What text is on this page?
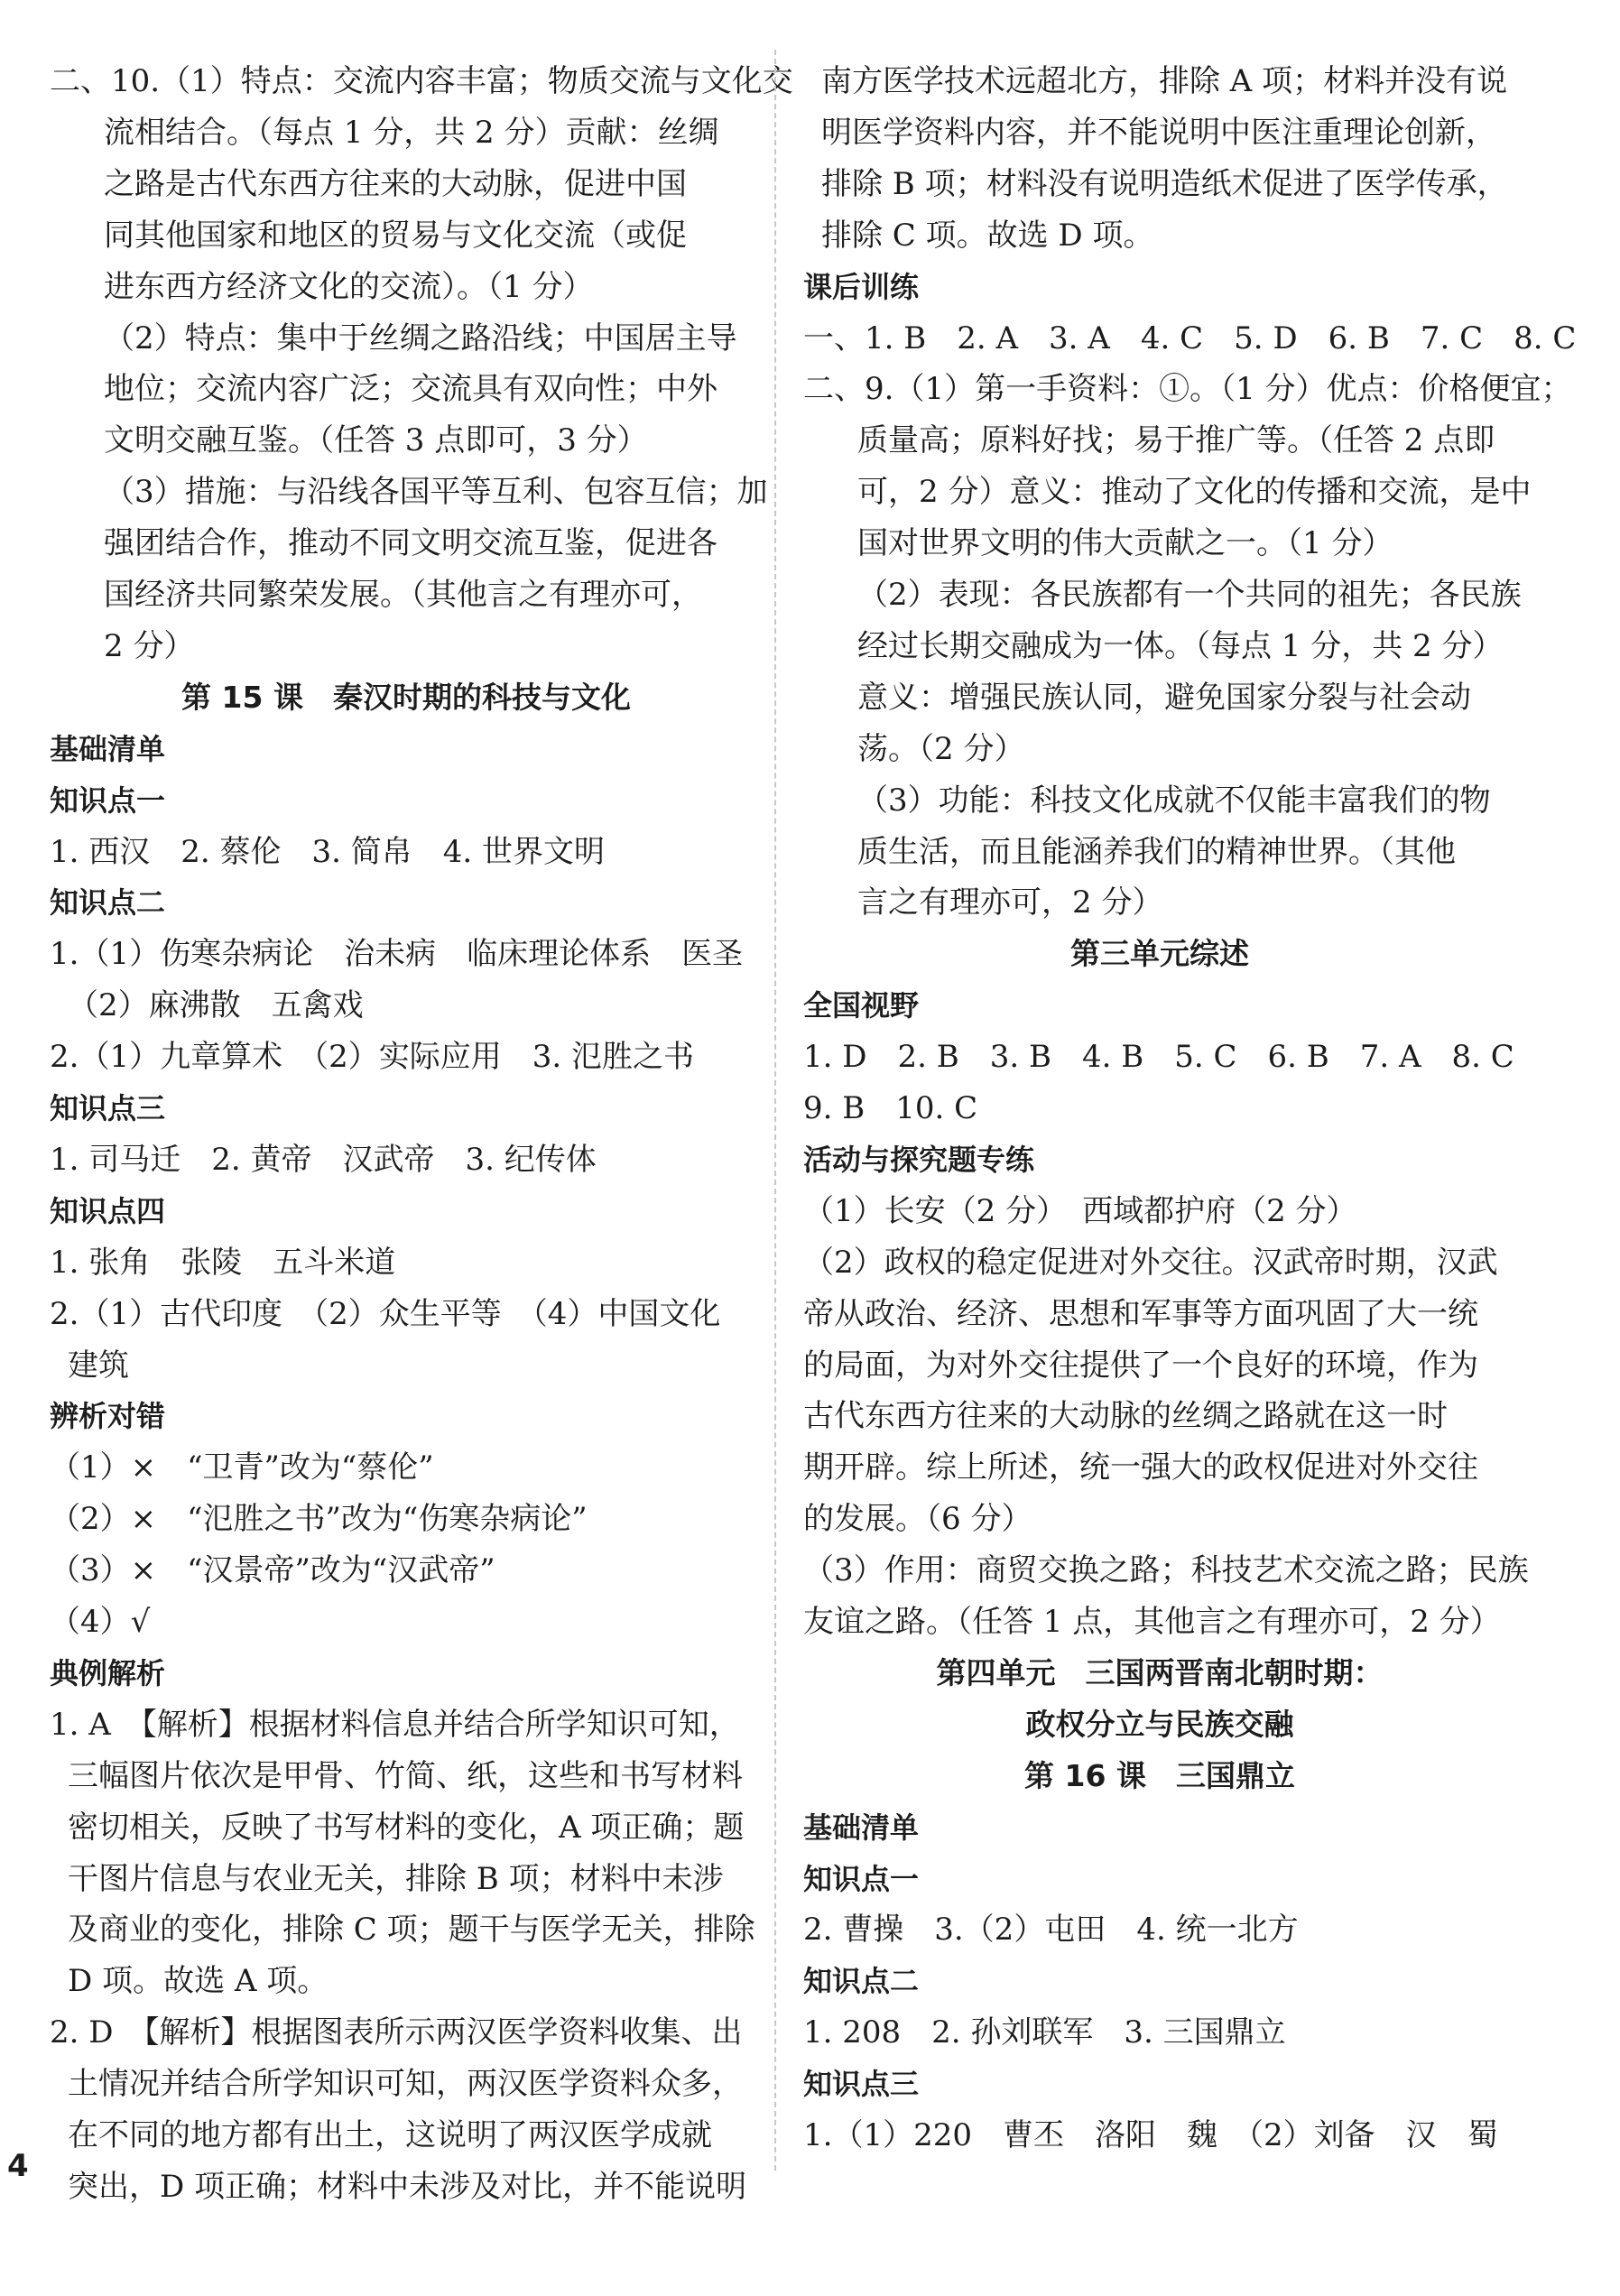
二、10.（1）特点：交流内容丰富；物质交流与文化交
流相结合。（每点 1 分，共 2 分）贡献：丝绸
之路是古代东西方往来的大动脉，促进中国
同其他国家和地区的贸易与文化交流（或促
进东西方经济文化的交流）。（1 分）
（2）特点：集中于丝绸之路沿线；中国居主导
地位；交流内容广泛；交流具有双向性；中外
文明交融互鉴。（任答 3 点即可，3 分）
（3）措施：与沿线各国平等互利、包容互信；加
强团结合作，推动不同文明交流互鉴，促进各
国经济共同繁荣发展。（其他言之有理亦可，
2 分）
第 15 课　秦汉时期的科技与文化
基础清单
知识点一
1. 西汉　2. 蔡伦　3. 简帛　4. 世界文明
知识点二
1.（1）伤寒杂病论　治未病　临床理论体系　医圣
（2）麻沸散　五禽戏
2.（1）九章算术　（2）实际应用　3. 氾胜之书
知识点三
1. 司马迁　2. 黄帝　汉武帝　3. 纪传体
知识点四
1. 张角　张陵　五斗米道
2.（1）古代印度　（2）众生平等　（4）中国文化
建筑
辨析对错
（1）×　“卫青”改为“蔡伦”
（2）×　“氾胜之书”改为“伤寒杂病论”
（3）×　“汉景帝”改为“汉武帝”
（4）√
典例解析
1. A　【解析】根据材料信息并结合所学知识可知，
三幅图片依次是甲骨、竹简、纸，这些和书写材料
密切相关，反映了书写材料的变化，A 项正确；题
干图片信息与农业无关，排除 B 项；材料中未涉
及商业的变化，排除 C 项；题干与医学无关，排除
D 项。故选 A 项。
2. D　【解析】根据图表所示两汉医学资料收集、出
土情况并结合所学知识可知，两汉医学资料众多，
在不同的地方都有出土，这说明了两汉医学成就
突出，D 项正确；材料中未涉及对比，并不能说明
南方医学技术远超北方，排除 A 项；材料并没有说
明医学资料内容，并不能说明中医注重理论创新，
排除 B 项；材料没有说明造纸术促进了医学传承，
排除 C 项。故选 D 项。
课后训练
一、1. B　2. A　3. A　4. C　5. D　6. B　7. C　8. C
二、9.（1）第一手资料：①。（1 分）优点：价格便宜；
质量高；原料好找；易于推广等。（任答 2 点即
可，2 分）意义：推动了文化的传播和交流，是中
国对世界文明的伟大贡献之一。（1 分）
（2）表现：各民族都有一个共同的祖先；各民族
经过长期交融成为一体。（每点 1 分，共 2 分）
意义：增强民族认同，避免国家分裂与社会动
荡。（2 分）
（3）功能：科技文化成就不仅能丰富我们的物
质生活，而且能涵养我们的精神世界。（其他
言之有理亦可，2 分）
第三单元综述
全国视野
1. D　2. B　3. B　4. B　5. C　6. B　7. A　8. C
9. B　10. C
活动与探究题专练
（1）长安（2 分）　西域都护府（2 分）
（2）政权的稳定促进对外交往。汉武帝时期，汉武
帝从政治、经济、思想和军事等方面巩固了大一统
的局面，为对外交往提供了一个良好的环境，作为
古代东西方往来的大动脉的丝绸之路就在这一时
期开辟。综上所述，统一强大的政权促进对外交往
的发展。（6 分）
（3）作用：商贸交换之路；科技艺术交流之路；民族
友谊之路。（任答 1 点，其他言之有理亦可，2 分）
第四单元　三国两晋南北朝时期：
政权分立与民族交融
第 16 课　三国鼎立
基础清单
知识点一
2. 曹操　3.（2）屯田　4. 统一北方
知识点二
1. 208　2. 孙刘联军　3. 三国鼎立
知识点三
1.（1）220　曹丕　洛阳　魏　（2）刘备　汉　蜀
4
